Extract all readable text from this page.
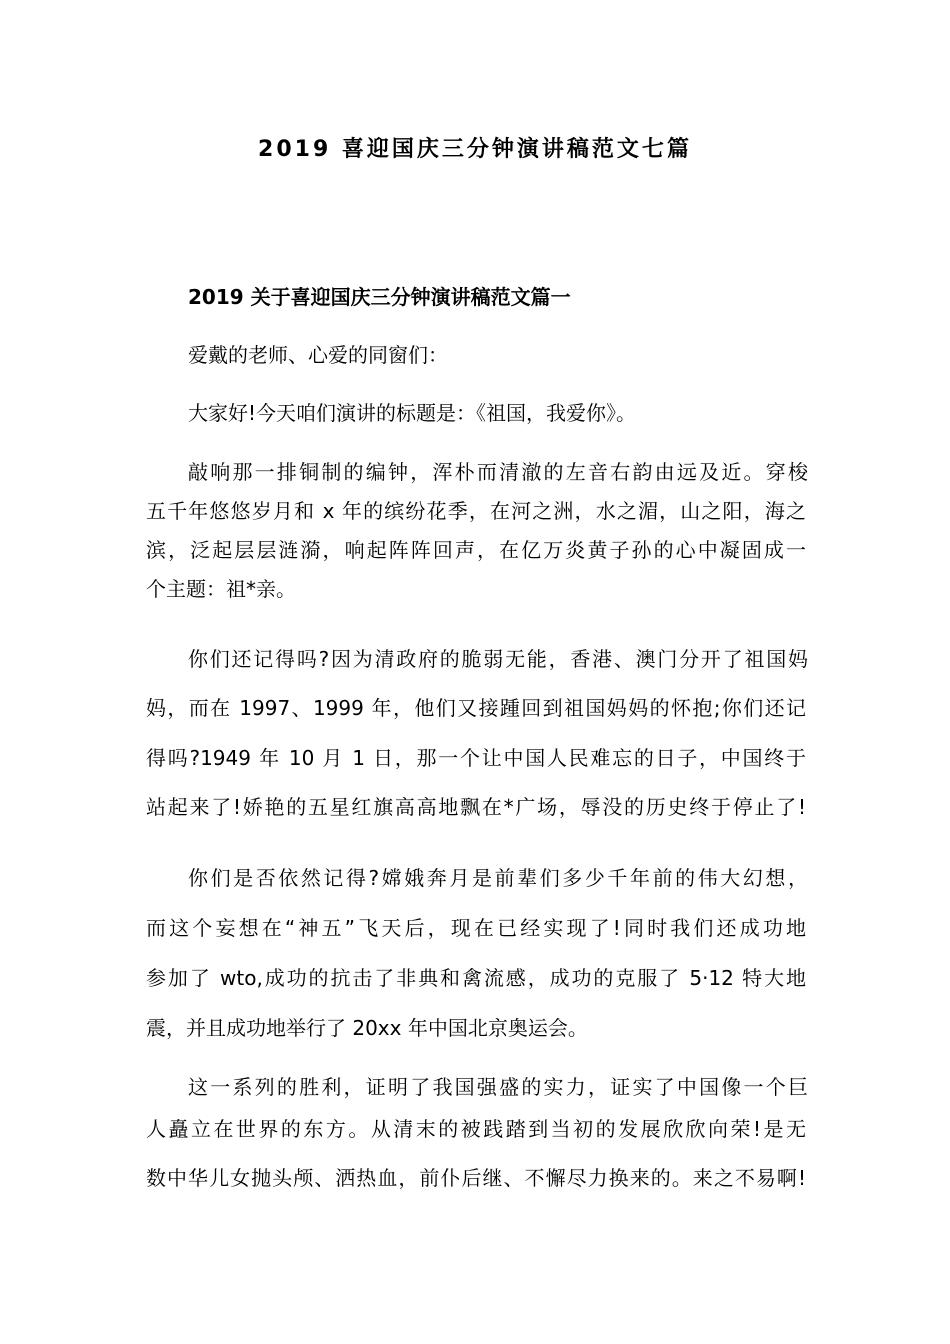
2019 喜迎国庆三分钟演讲稿范文七篇
2019 关于喜迎国庆三分钟演讲稿范文篇一
爱戴的老师、心爱的同窗们：
大家好!今天咱们演讲的标题是：《祖国，我爱你》。
敲响那一排铜制的编钟，浑朴而清澈的左音右韵由远及近。穿梭
五千年悠悠岁月和 x 年的缤纷花季，在河之洲，水之湄，山之阳，海之
滨，泛起层层涟漪，响起阵阵回声，在亿万炎黄子孙的心中凝固成一
个主题：祖*亲。
你们还记得吗?因为清政府的脆弱无能，香港、澳门分开了祖国妈
妈，而在 1997、1999 年，他们又接踵回到祖国妈妈的怀抱;你们还记
得吗?1949 年 10 月 1 日，那一个让中国人民难忘的日子，中国终于
站起来了!娇艳的五星红旗高高地飘在*广场，辱没的历史终于停止了!
你们是否依然记得?嫦娥奔月是前辈们多少千年前的伟大幻想，
而这个妄想在“神五”飞天后，现在已经实现了!同时我们还成功地
参加了 wto,成功的抗击了非典和禽流感，成功的克服了 5·12 特大地
震，并且成功地举行了 20xx 年中国北京奥运会。
这一系列的胜利，证明了我国强盛的实力，证实了中国像一个巨
人矗立在世界的东方。从清末的被践踏到当初的发展欣欣向荣!是无
数中华儿女抛头颅、洒热血，前仆后继、不懈尽力换来的。来之不易啊!
